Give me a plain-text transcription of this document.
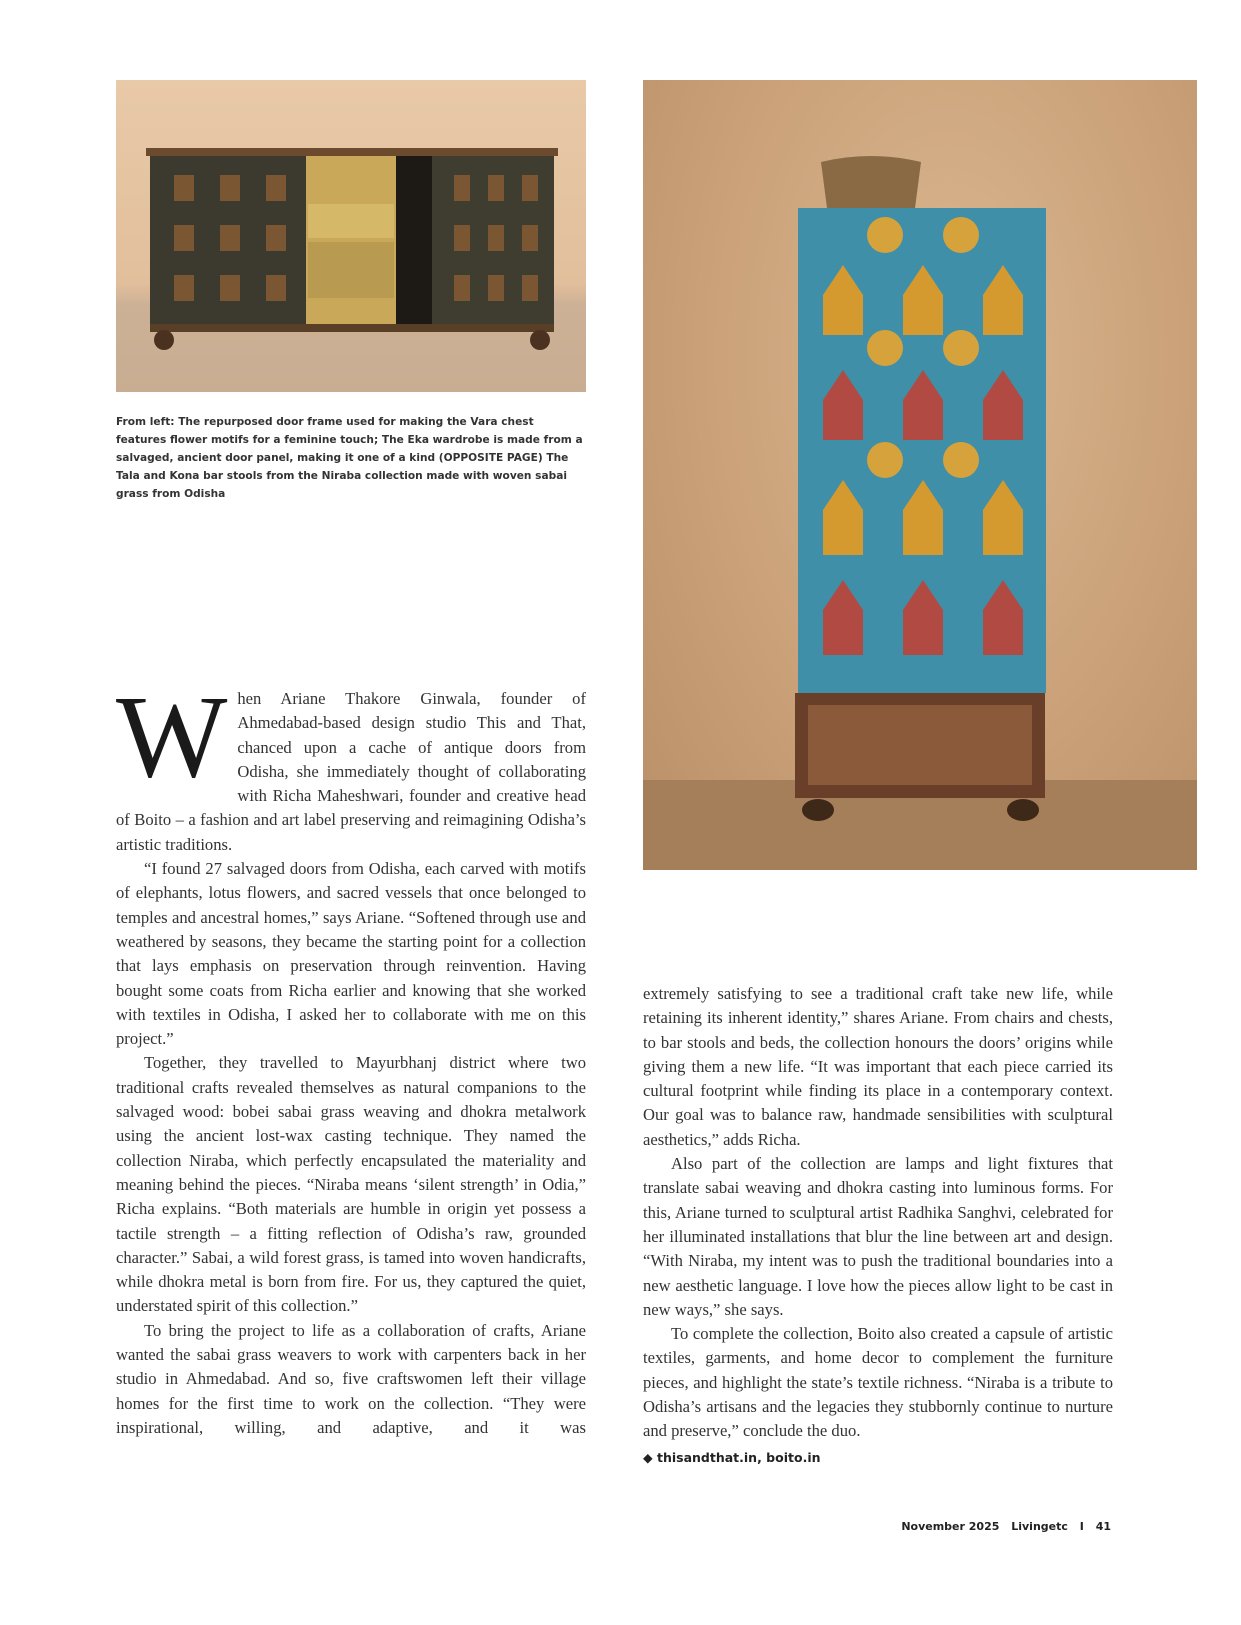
From left: The repurposed door frame used for making the Vara chest features flower motifs for a feminine touch; The Eka wardrobe is made from a salvaged, ancient door panel, making it one of a kind (OPPOSITE PAGE) The Tala and Kona bar stools from the Niraba collection made with woven sabai grass from Odisha

When Ariane Thakore Ginwala, founder of Ahmedabad-based design studio This and That, chanced upon a cache of antique doors from Odisha, she immediately thought of collaborating with Richa Maheshwari, founder and creative head of Boito – a fashion and art label preserving and reimagining Odisha’s artistic traditions.

“I found 27 salvaged doors from Odisha, each carved with motifs of elephants, lotus flowers, and sacred vessels that once belonged to temples and ancestral homes,” says Ariane. “Softened through use and weathered by seasons, they became the starting point for a collection that lays emphasis on preservation through reinvention. Having bought some coats from Richa earlier and knowing that she worked with textiles in Odisha, I asked her to collaborate with me on this project.”

Together, they travelled to Mayurbhanj district where two traditional crafts revealed themselves as natural companions to the salvaged wood: bobei sabai grass weaving and dhokra metalwork using the ancient lost-wax casting technique. They named the collection Niraba, which perfectly encapsulated the materiality and meaning behind the pieces. “Niraba means ‘silent strength’ in Odia,” Richa explains. “Both materials are humble in origin yet possess a tactile strength – a fitting reflection of Odisha’s raw, grounded character.” Sabai, a wild forest grass, is tamed into woven handicrafts, while dhokra metal is born from fire. For us, they captured the quiet, understated spirit of this collection.”

To bring the project to life as a collaboration of crafts, Ariane wanted the sabai grass weavers to work with carpenters back in her studio in Ahmedabad. And so, five craftswomen left their village homes for the first time to work on the collection. “They were inspirational, willing, and adaptive, and it was

extremely satisfying to see a traditional craft take new life, while retaining its inherent identity,” shares Ariane. From chairs and chests, to bar stools and beds, the collection honours the doors’ origins while giving them a new life. “It was important that each piece carried its cultural footprint while finding its place in a contemporary context. Our goal was to balance raw, handmade sensibilities with sculptural aesthetics,” adds Richa.

Also part of the collection are lamps and light fixtures that translate sabai weaving and dhokra casting into luminous forms. For this, Ariane turned to sculptural artist Radhika Sanghvi, celebrated for her illuminated installations that blur the line between art and design. “With Niraba, my intent was to push the traditional boundaries into a new aesthetic language. I love how the pieces allow light to be cast in new ways,” she says.

To complete the collection, Boito also created a capsule of artistic textiles, garments, and home decor to complement the furniture pieces, and highlight the state’s textile richness. “Niraba is a tribute to Odisha’s artisans and the legacies they stubbornly continue to nurture and preserve,” conclude the duo.

◆ thisandthat.in, boito.in
November 2025 Livingetc I 41
